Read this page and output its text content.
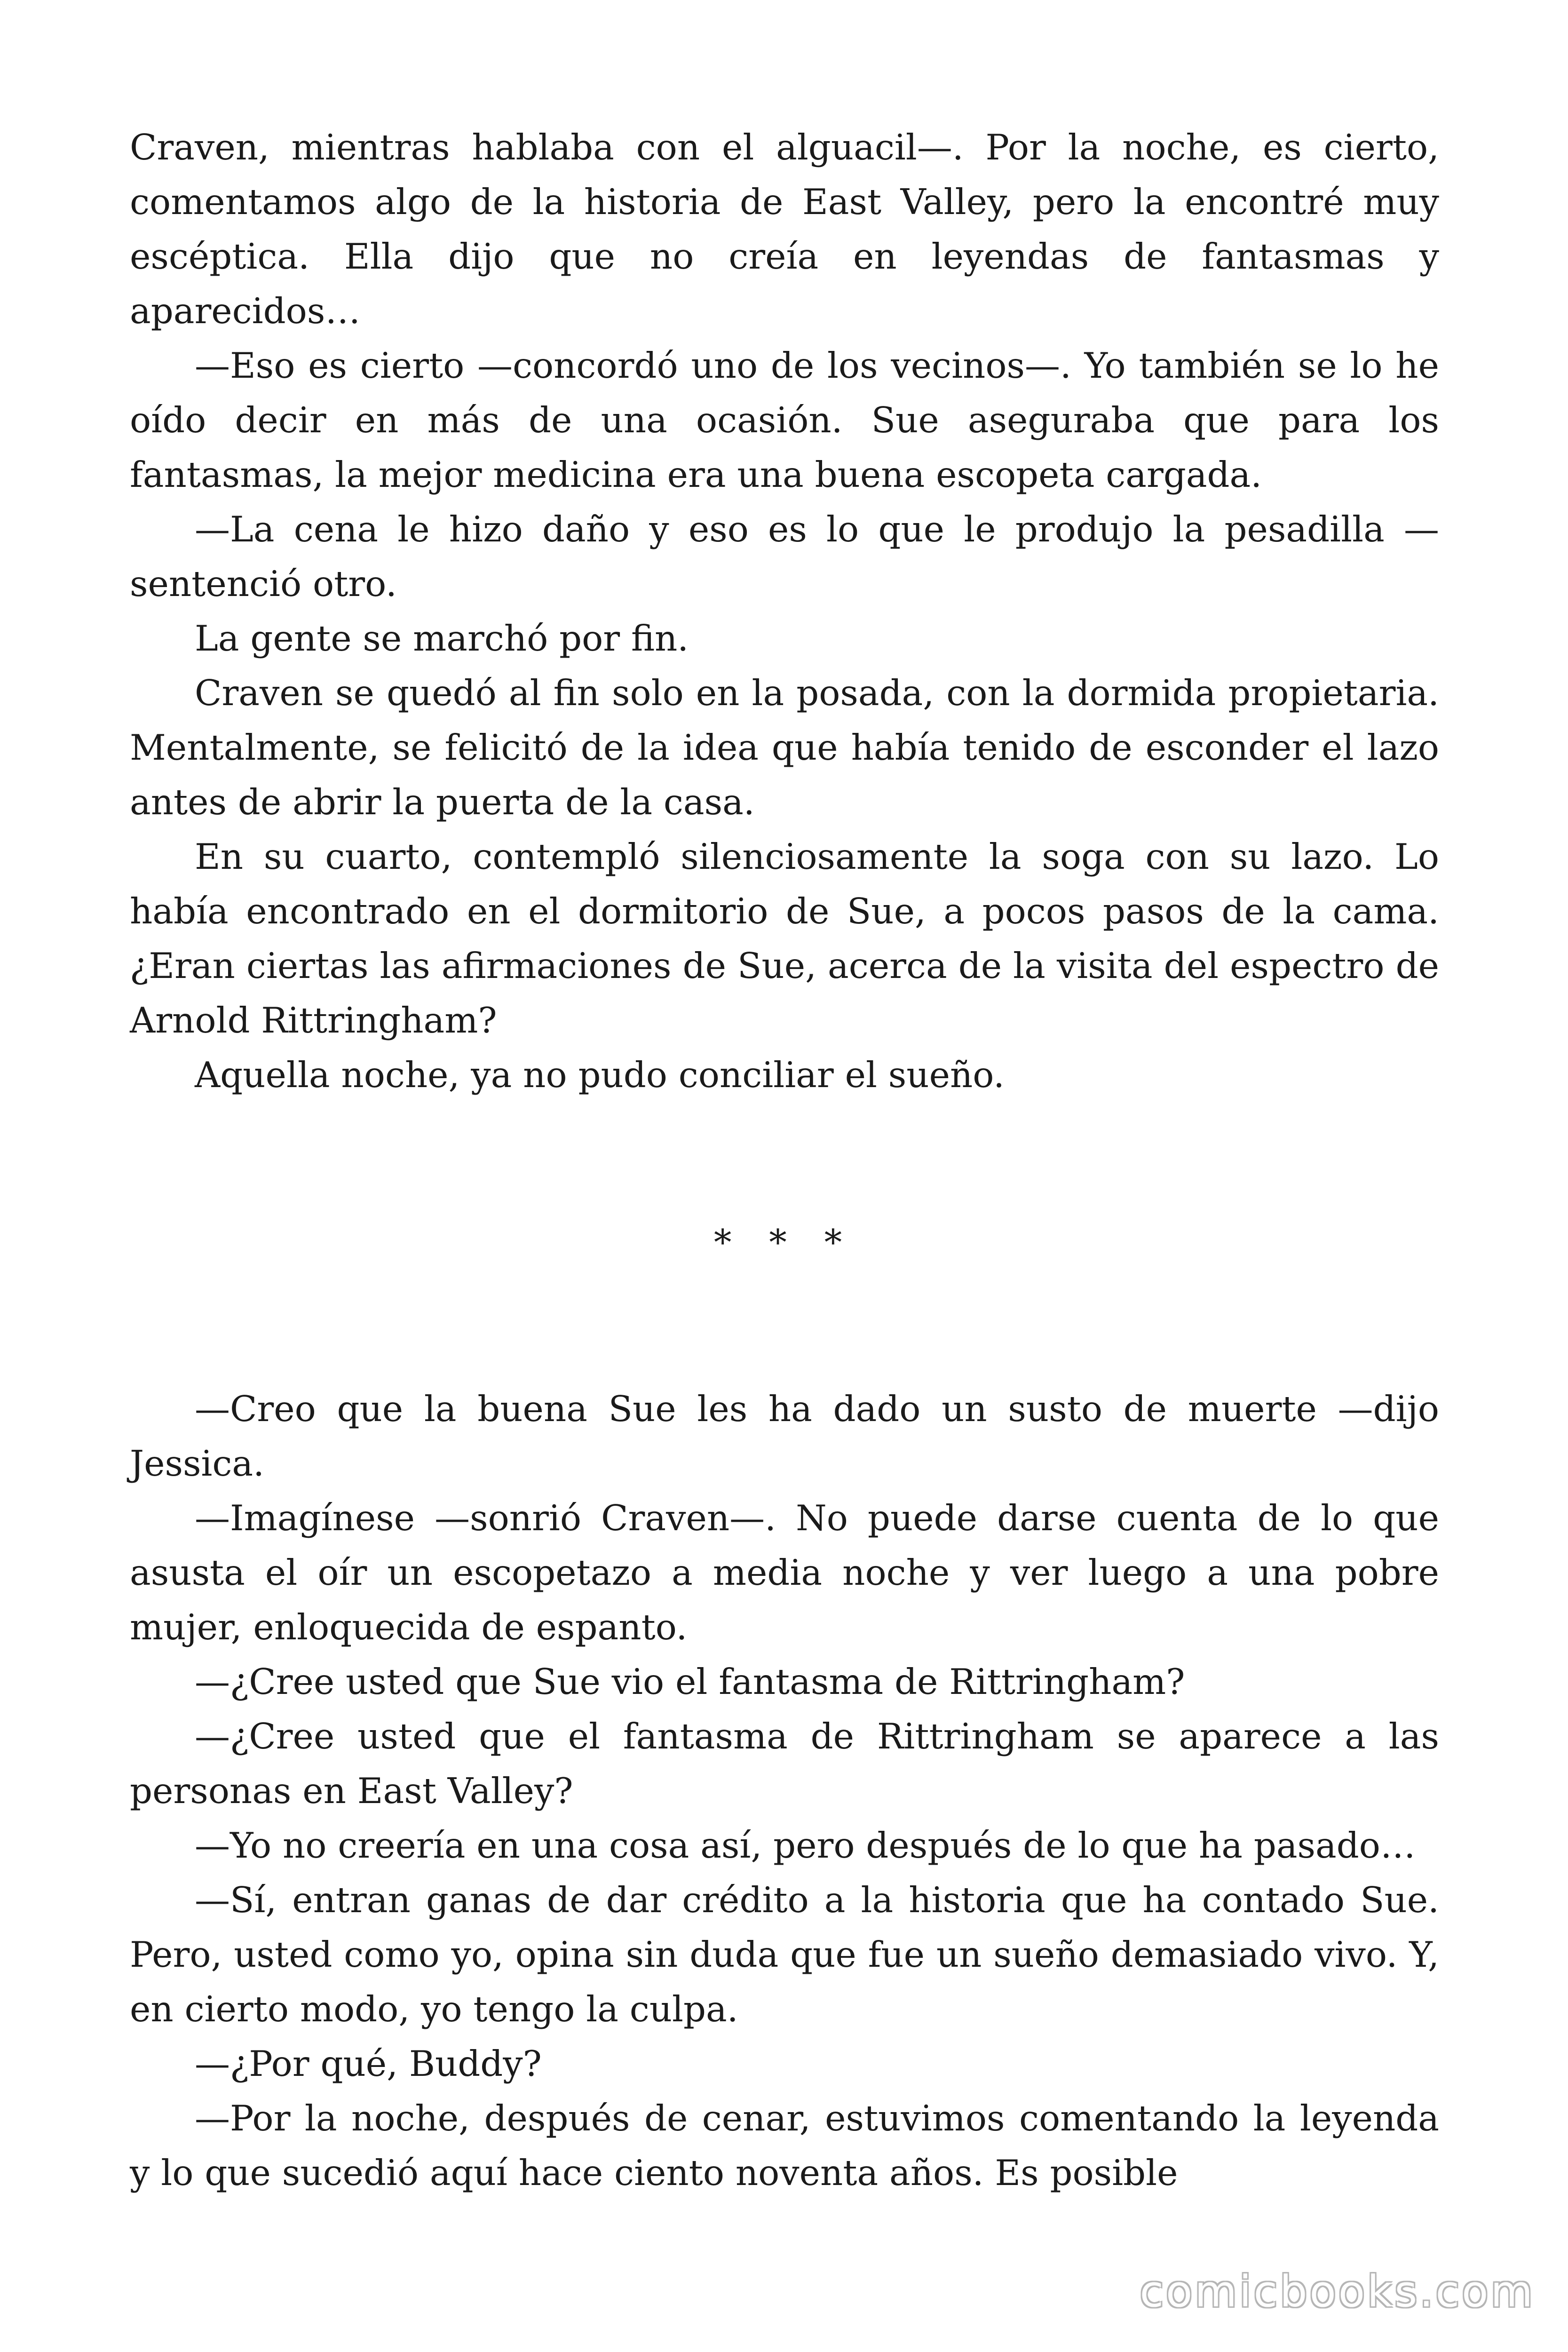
Craven, mientras hablaba con el alguacil—. Por la noche, es cierto, comentamos algo de la historia de East Valley, pero la encontré muy escéptica. Ella dijo que no creía en leyendas de fantasmas y aparecidos…

—Eso es cierto —concordó uno de los vecinos—. Yo también se lo he oído decir en más de una ocasión. Sue aseguraba que para los fantasmas, la mejor medicina era una buena escopeta cargada.

—La cena le hizo daño y eso es lo que le produjo la pesadilla —sentenció otro.

La gente se marchó por fin.

Craven se quedó al fin solo en la posada, con la dormida propietaria. Mentalmente, se felicitó de la idea que había tenido de esconder el lazo antes de abrir la puerta de la casa.

En su cuarto, contempló silenciosamente la soga con su lazo. Lo había encontrado en el dormitorio de Sue, a pocos pasos de la cama. ¿Eran ciertas las afirmaciones de Sue, acerca de la visita del espectro de Arnold Rittringham?

Aquella noche, ya no pudo conciliar el sueño.

* * *

—Creo que la buena Sue les ha dado un susto de muerte —dijo Jessica.

—Imagínese —sonrió Craven—. No puede darse cuenta de lo que asusta el oír un escopetazo a media noche y ver luego a una pobre mujer, enloquecida de espanto.

—¿Cree usted que Sue vio el fantasma de Rittringham?

—¿Cree usted que el fantasma de Rittringham se aparece a las personas en East Valley?

—Yo no creería en una cosa así, pero después de lo que ha pasado…

—Sí, entran ganas de dar crédito a la historia que ha contado Sue. Pero, usted como yo, opina sin duda que fue un sueño demasiado vivo. Y, en cierto modo, yo tengo la culpa.

—¿Por qué, Buddy?

—Por la noche, después de cenar, estuvimos comentando la leyenda y lo que sucedió aquí hace ciento noventa años. Es posible

comicbooks.com
